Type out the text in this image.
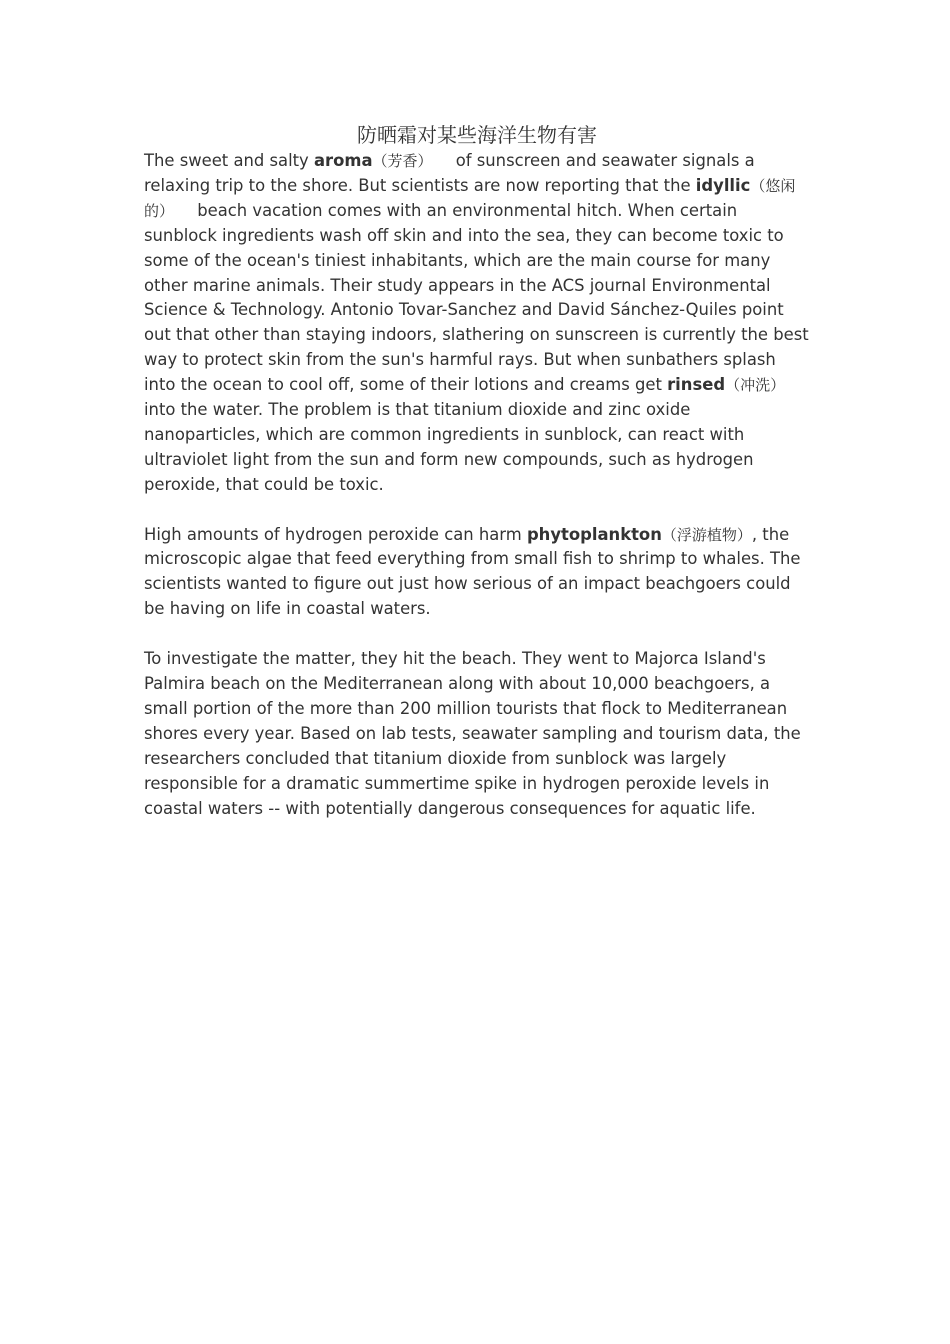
防晒霜对某些海洋生物有害

The sweet and salty aroma（芳香） of sunscreen and seawater signals a relaxing trip to the shore. But scientists are now reporting that the idyllic（悠闲的） beach vacation comes with an environmental hitch. When certain sunblock ingredients wash off skin and into the sea, they can become toxic to some of the ocean's tiniest inhabitants, which are the main course for many other marine animals. Their study appears in the ACS journal Environmental Science & Technology. Antonio Tovar-Sanchez and David Sánchez-Quiles point out that other than staying indoors, slathering on sunscreen is currently the best way to protect skin from the sun's harmful rays. But when sunbathers splash into the ocean to cool off, some of their lotions and creams get rinsed（冲洗） into the water. The problem is that titanium dioxide and zinc oxide nanoparticles, which are common ingredients in sunblock, can react with ultraviolet light from the sun and form new compounds, such as hydrogen peroxide, that could be toxic.

High amounts of hydrogen peroxide can harm phytoplankton（浮游植物）, the microscopic algae that feed everything from small fish to shrimp to whales. The scientists wanted to figure out just how serious of an impact beachgoers could be having on life in coastal waters.

To investigate the matter, they hit the beach. They went to Majorca Island's Palmira beach on the Mediterranean along with about 10,000 beachgoers, a small portion of the more than 200 million tourists that flock to Mediterranean shores every year. Based on lab tests, seawater sampling and tourism data, the researchers concluded that titanium dioxide from sunblock was largely responsible for a dramatic summertime spike in hydrogen peroxide levels in coastal waters -- with potentially dangerous consequences for aquatic life.
